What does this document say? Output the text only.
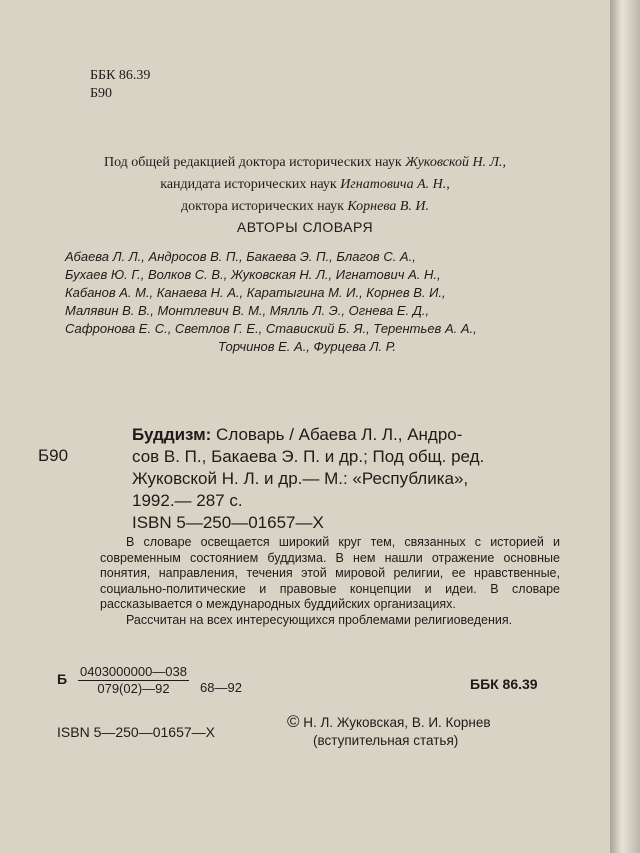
ББК 86.39
Б90
Под общей редакцией доктора исторических наук Жуковской Н. Л.,
кандидата исторических наук Игнатовича А. Н.,
доктора исторических наук Корнева В. И.
АВТОРЫ СЛОВАРЯ
Абаева Л. Л., Андросов В. П., Бакаева Э. П., Благов С. А.,
Бухаев Ю. Г., Волков С. В., Жуковская Н. Л., Игнатович А. Н.,
Кабанов А. М., Канаева Н. А., Каратыгина М. И., Корнев В. И.,
Малявин В. В., Монтлевич В. М., Мялль Л. Э., Огнева Е. Д.,
Сафронова Е. С., Светлов Г. Е., Ставиский Б. Я., Терентьев А. А.,
Торчинов Е. А., Фурцева Л. Р.
Б90
Буддизм: Словарь / Абаева Л. Л., Андро-
сов В. П., Бакаева Э. П. и др.; Под общ. ред.
Жуковской Н. Л. и др.— М.: «Республика»,
1992.— 287 с.
ISBN 5—250—01657—Х

В словаре освещается широкий круг тем, связанных с историей и современным состоянием буддизма. В нем нашли отражение основные понятия, направления, течения этой мировой религии, ее нравственные, социально-политические и правовые концепции и идеи. В словаре рассказывается о международных буддийских организациях.

Рассчитан на всех интересующихся проблемами религиоведения.

Б $\frac{0403000000—038}{079(02)—92}$ 68—92	ББК 86.39
ISBN 5—250—01657—Х
© Н. Л. Жуковская, В. И. Корнев
(вступительная статья)
